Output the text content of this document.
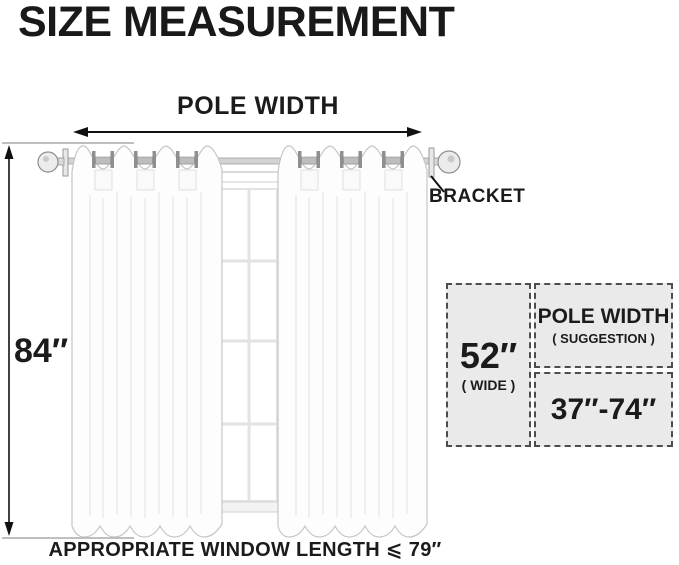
SIZE MEASUREMENT
POLE WIDTH
BRACKET
84″
APPROPRIATE WINDOW LENGTH ⩽ 79″
52″
( WIDE )
POLE WIDTH
( SUGGESTION )
37″-74″
